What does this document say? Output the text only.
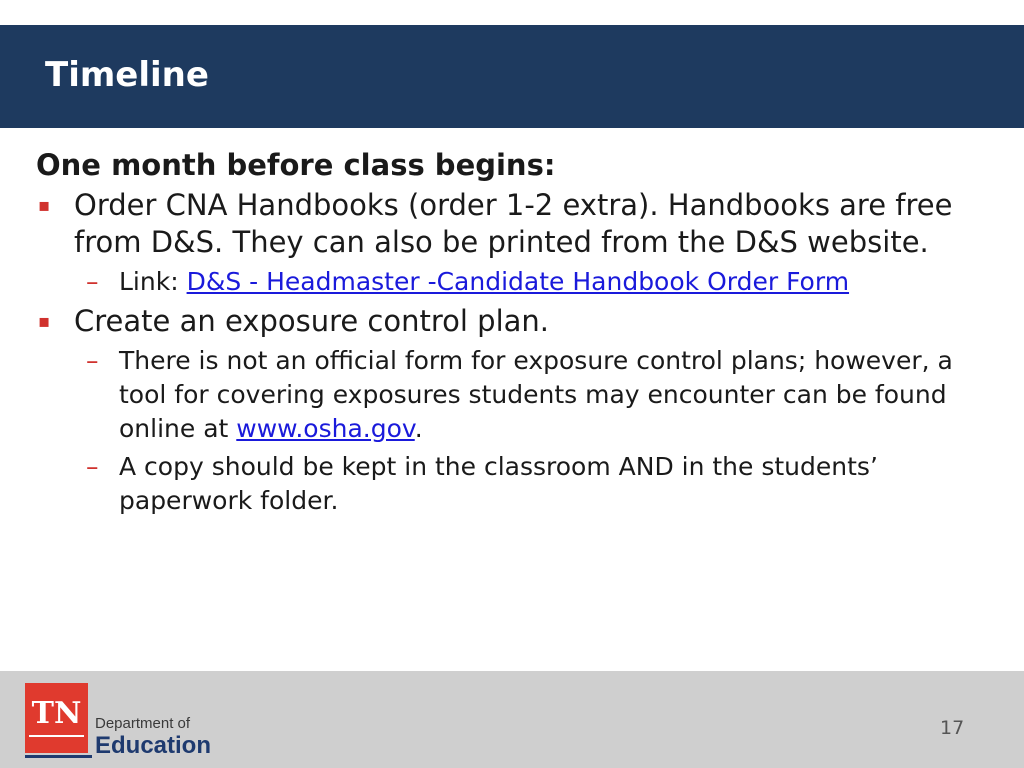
Timeline
One month before class begins:
▪ Order CNA Handbooks (order 1-2 extra). Handbooks are free from D&S. They can also be printed from the D&S website.
– Link: D&S - Headmaster -Candidate Handbook Order Form
▪ Create an exposure control plan.
– There is not an official form for exposure control plans; however, a tool for covering exposures students may encounter can be found online at www.osha.gov.
– A copy should be kept in the classroom AND in the students’ paperwork folder.
TN Department of
Education
17
